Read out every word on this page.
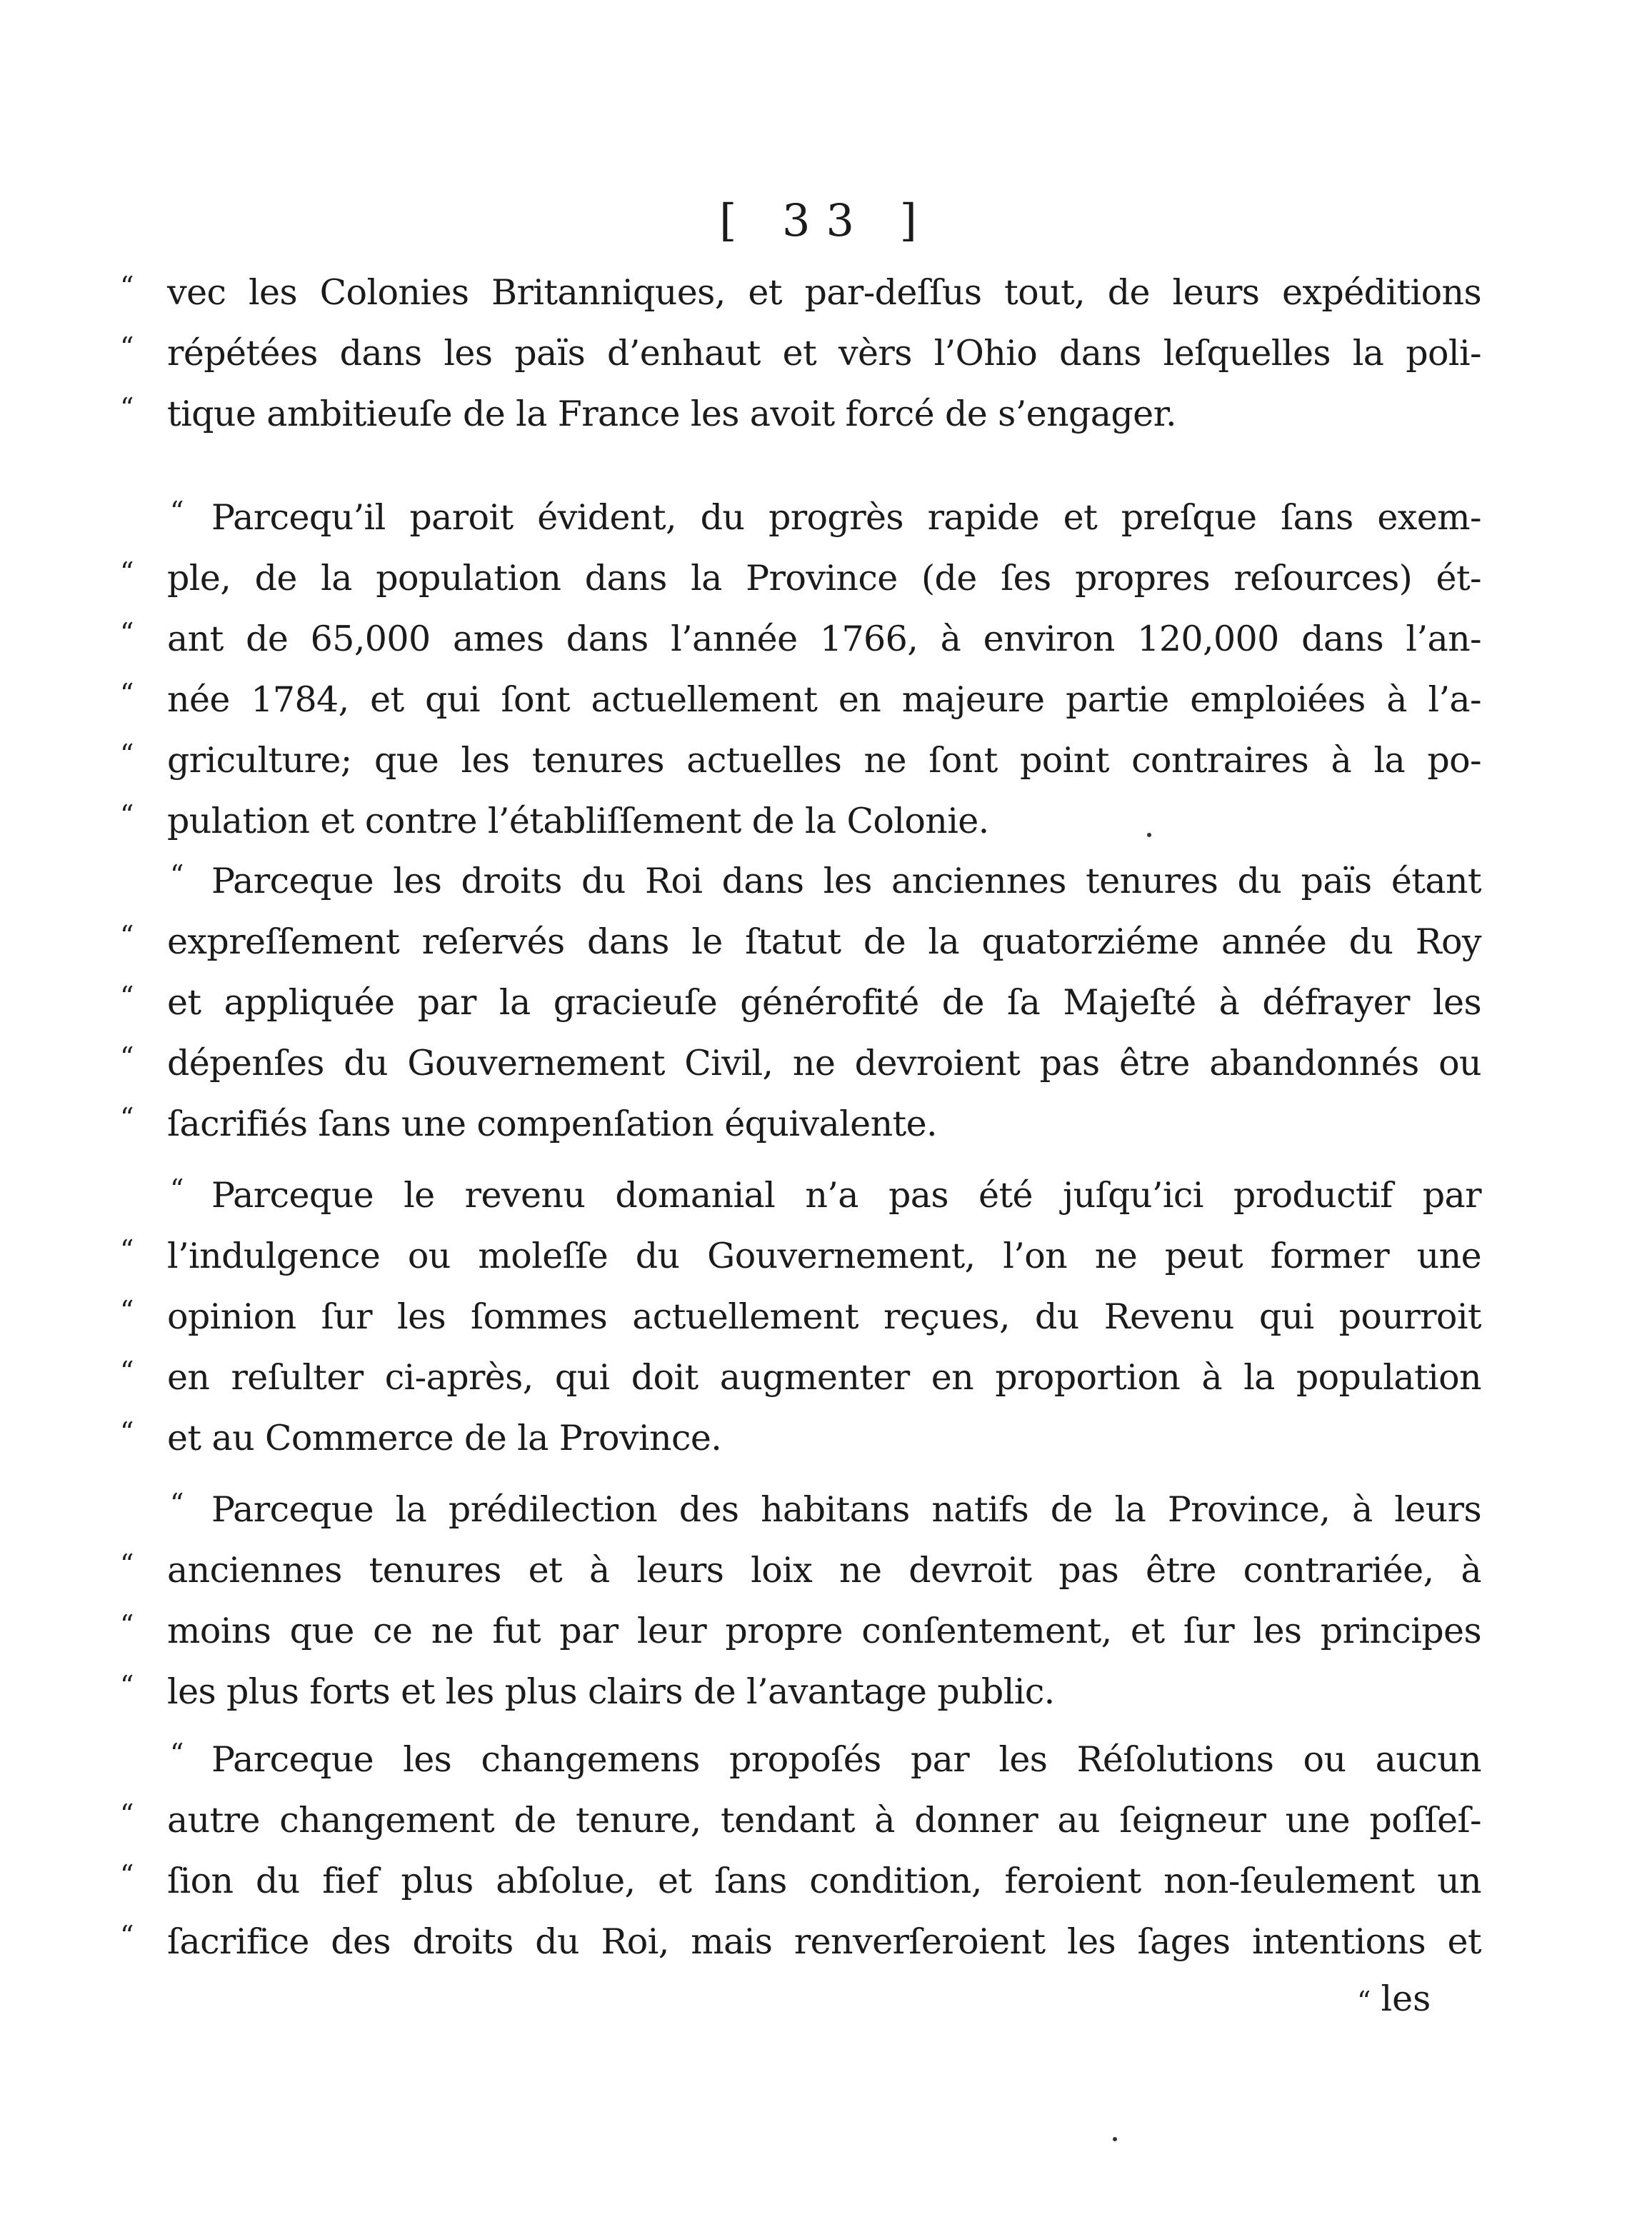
[ 33 ]
“ vec les Colonies Britanniques, et par-deſſus tout, de leurs expéditions
“ répétées dans les païs d’enhaut et vèrs l’Ohio dans leſquelles la poli-
“ tique ambitieuſe de la France les avoit forcé de s’engager.
“ Parcequ’il paroit évident, du progrès rapide et preſque ſans exem-
“ ple, de la population dans la Province (de ſes propres reſources) ét-
“ ant de 65,000 ames dans l’année 1766, à environ 120,000 dans l’an-
“ née 1784, et qui ſont actuellement en majeure partie emploiées à l’a-
“ griculture; que les tenures actuelles ne ſont point contraires à la po-
“ pulation et contre l’établiſſement de la Colonie.
“ Parceque les droits du Roi dans les anciennes tenures du païs étant
“ expreſſement reſervés dans le ſtatut de la quatorziéme année du Roy
“ et appliquée par la gracieuſe générofité de ſa Majeſté à défrayer les
“ dépenſes du Gouvernement Civil, ne devroient pas être abandonnés ou
“ ſacrifiés ſans une compenſation équivalente.
“ Parceque le revenu domanial n’a pas été juſqu’ici productif par
“ l’indulgence ou moleſſe du Gouvernement, l’on ne peut former une
“ opinion ſur les ſommes actuellement reçues, du Revenu qui pourroit
“ en reſulter ci-après, qui doit augmenter en proportion à la population
“ et au Commerce de la Province.
“ Parceque la prédilection des habitans natifs de la Province, à leurs
“ anciennes tenures et à leurs loix ne devroit pas être contrariée, à
“ moins que ce ne fut par leur propre conſentement, et ſur les principes
“ les plus forts et les plus clairs de l’avantage public.
“ Parceque les changemens propoſés par les Réſolutions ou aucun
“ autre changement de tenure, tendant à donner au ſeigneur une poſſeſ-
“ ſion du fief plus abſolue, et ſans condition, feroient non-ſeulement un
“ ſacrifice des droits du Roi, mais renverſeroient les ſages intentions et
“ les
